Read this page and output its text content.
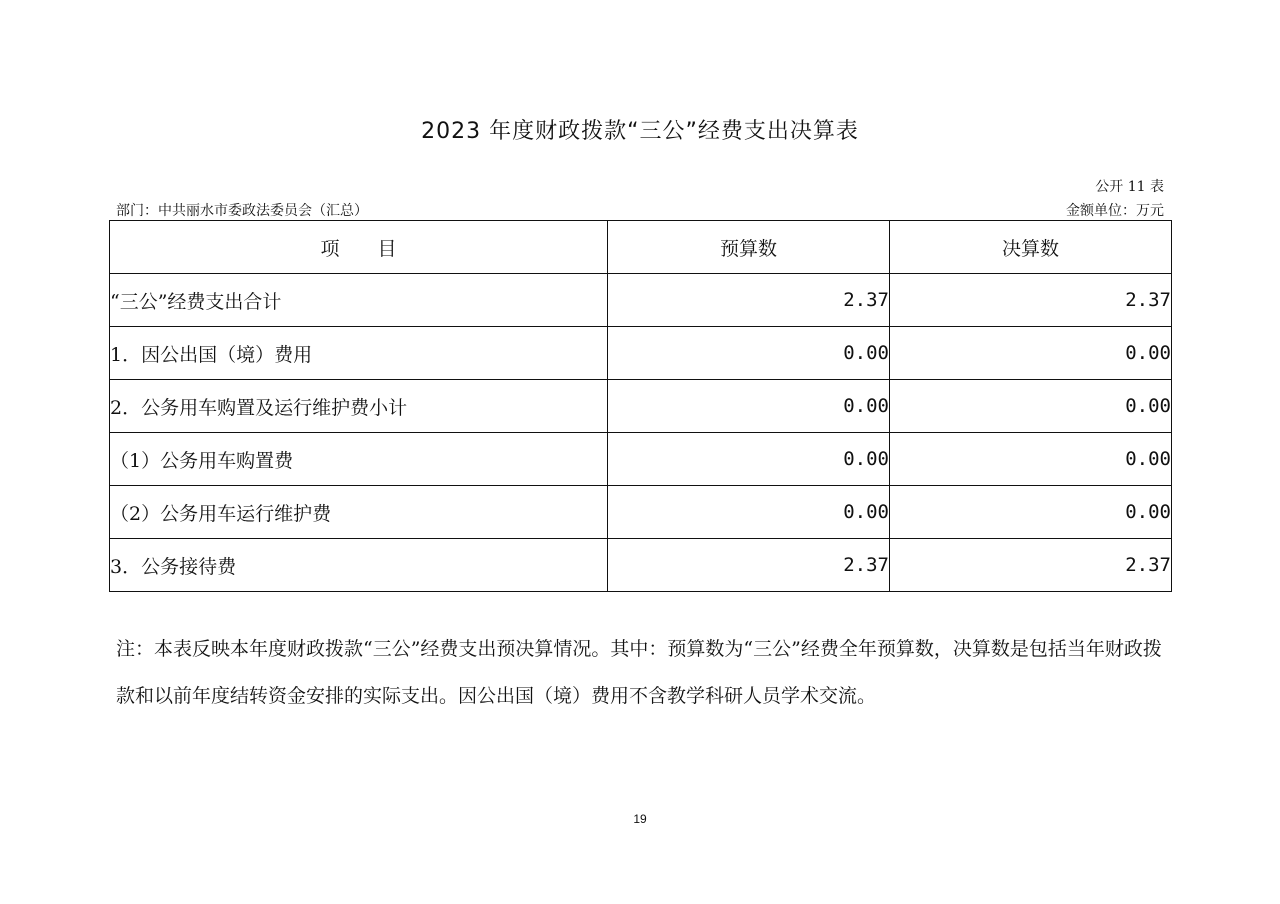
2023 年度财政拨款“三公”经费支出决算表
公开 11 表
部门：中共丽水市委政法委员会（汇总）	金额单位：万元
项　　目	预算数	决算数
“三公”经费支出合计	2.37	2.37
1．因公出国（境）费用	0.00	0.00
2．公务用车购置及运行维护费小计	0.00	0.00
（1）公务用车购置费	0.00	0.00
（2）公务用车运行维护费	0.00	0.00
3．公务接待费	2.37	2.37
注：本表反映本年度财政拨款“三公”经费支出预决算情况。其中：预算数为“三公”经费全年预算数，决算数是包括当年财政拨款和以前年度结转资金安排的实际支出。因公出国（境）费用不含教学科研人员学术交流。
19
